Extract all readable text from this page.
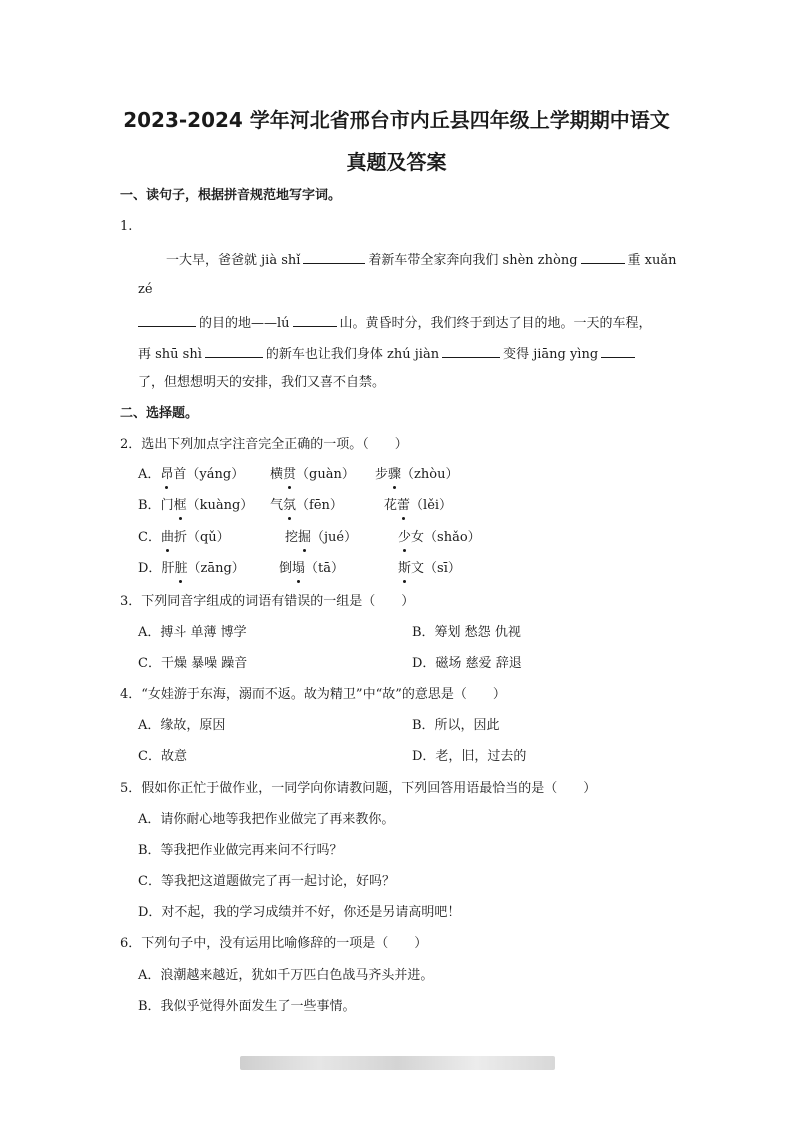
2023-2024 学年河北省邢台市内丘县四年级上学期期中语文
真题及答案
一、读句子，根据拼音规范地写字词。
1.
一大早，爸爸就 jià shǐ	着新车带全家奔向我们 shèn zhòng	重 xuǎn
zé
的目的地——lú	山。黄昏时分，我们终于到达了目的地。一天的车程，
再 shū shì	的新车也让我们身体 zhú jiàn	变得 jiāng yìng
了，但想想明天的安排，我们又喜不自禁。
二、选择题。
2．选出下列加点字注音完全正确的一项。（　　）
A．昂首（yáng） 横贯（guàn） 步骤（zhòu）
B．门框（kuàng） 气氛（fēn）	花蕾（lěi）
C．曲折（qǔ）	挖掘（jué）	少女（shǎo）
D．肝脏（zāng）	倒塌（tā）	斯文（sī）
3．下列同音字组成的词语有错误的一组是（　　）
A．搏斗 单薄 博学	B．筹划 愁怨 仇视
C．干燥 暴噪 躁音	D．磁场 慈爱 辞退
4．“女娃游于东海，溺而不返。故为精卫”中“故”的意思是（　　）
A．缘故，原因	B．所以，因此
C．故意	D．老，旧，过去的
5．假如你正忙于做作业，一同学向你请教问题，下列回答用语最恰当的是（　　）
A．请你耐心地等我把作业做完了再来教你。
B．等我把作业做完再来问不行吗？
C．等我把这道题做完了再一起讨论，好吗？
D．对不起，我的学习成绩并不好，你还是另请高明吧！
6．下列句子中，没有运用比喻修辞的一项是（　　）
A．浪潮越来越近，犹如千万匹白色战马齐头并进。
B．我似乎觉得外面发生了一些事情。
